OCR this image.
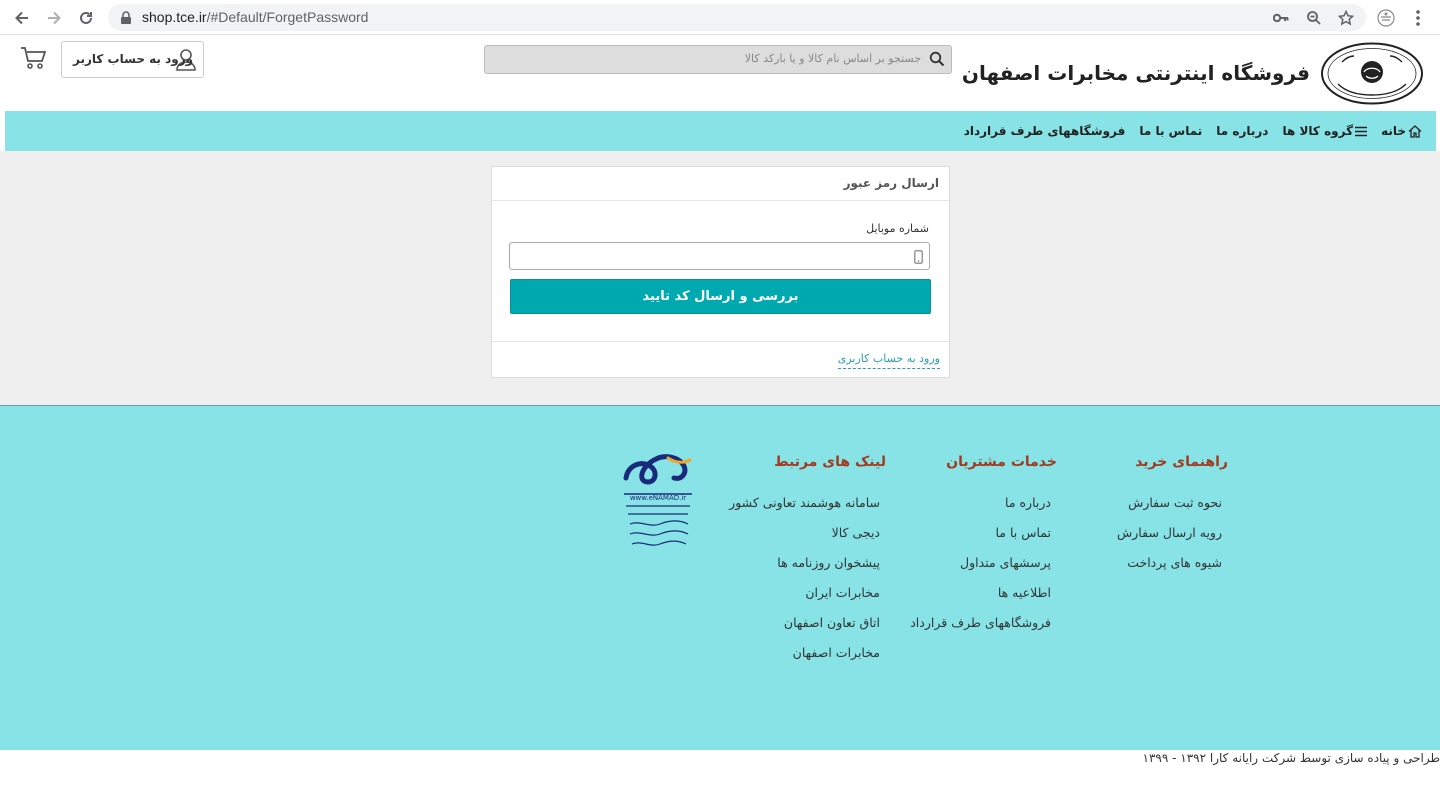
shop.tce.ir/#Default/ForgetPassword
فروشگاه اینترنتی مخابرات اصفهان
جستجو بر اساس نام کالا و یا بارکد کالا
ورود به حساب کاربر
خانه
گروه کالا ها
درباره ما
تماس با ما
فروشگاههای طرف قرارداد
ارسال رمز عبور
شماره موبایل
بررسی و ارسال کد تایید
ورود به حساب کاربری
راهنمای خرید
نحوه ثبت سفارش
رویه ارسال سفارش
شیوه های پرداخت
خدمات مشتریان
درباره ما
تماس با ما
پرسشهای متداول
اطلاعیه ها
فروشگاههای طرف قرارداد
لینک های مرتبط
سامانه هوشمند تعاونی کشور
دیجی کالا
پیشخوان روزنامه ها
مخابرات ایران
اتاق تعاون اصفهان
مخابرات اصفهان
www.eNAMAD.ir
طراحی و پیاده سازی توسط شرکت رایانه کارا ۱۳۹۲ - ۱۳۹۹
